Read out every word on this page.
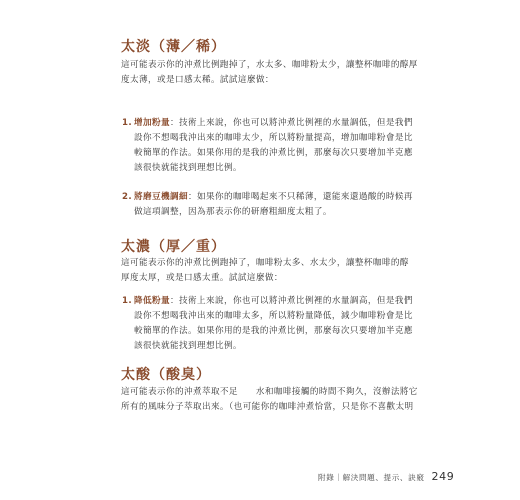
太淡（薄／稀）

這可能表示你的沖煮比例跑掉了，水太多、咖啡粉太少，讓整杯咖啡的醇厚
度太薄，或是口感太稀。試試這麼做：

1. 增加粉量：技術上來說，你也可以將沖煮比例裡的水量調低，但是我們
設你不想喝我沖出來的咖啡太少，所以將粉量提高，增加咖啡粉會是比
較簡單的作法。如果你用的是我的沖煮比例，那麼每次只要增加半克應
該很快就能找到理想比例。
2. 將磨豆機調細：如果你的咖啡喝起來不只稀薄，還能來還過酸的時候再
做這項調整，因為那表示你的研磨粗細度太粗了。
太濃（厚／重）

這可能表示你的沖煮比例跑掉了，咖啡粉太多、水太少，讓整杯咖啡的醇
厚度太厚，或是口感太重。試試這麼做：

1. 降低粉量：技術上來說，你也可以將沖煮比例裡的水量調高，但是我們
設你不想喝我沖出來的咖啡太多，所以將粉量降低，減少咖啡粉會是比
較簡單的作法。如果你用的是我的沖煮比例，那麼每次只要增加半克應
該很快就能找到理想比例。
太酸（酸臭）

這可能表示你的沖煮萃取不足　　水和咖啡接觸的時間不夠久，沒辦法將它
所有的風味分子萃取出來。（也可能你的咖啡沖煮恰當，只是你不喜歡太明

附錄｜解決問題、提示、訣竅 249
